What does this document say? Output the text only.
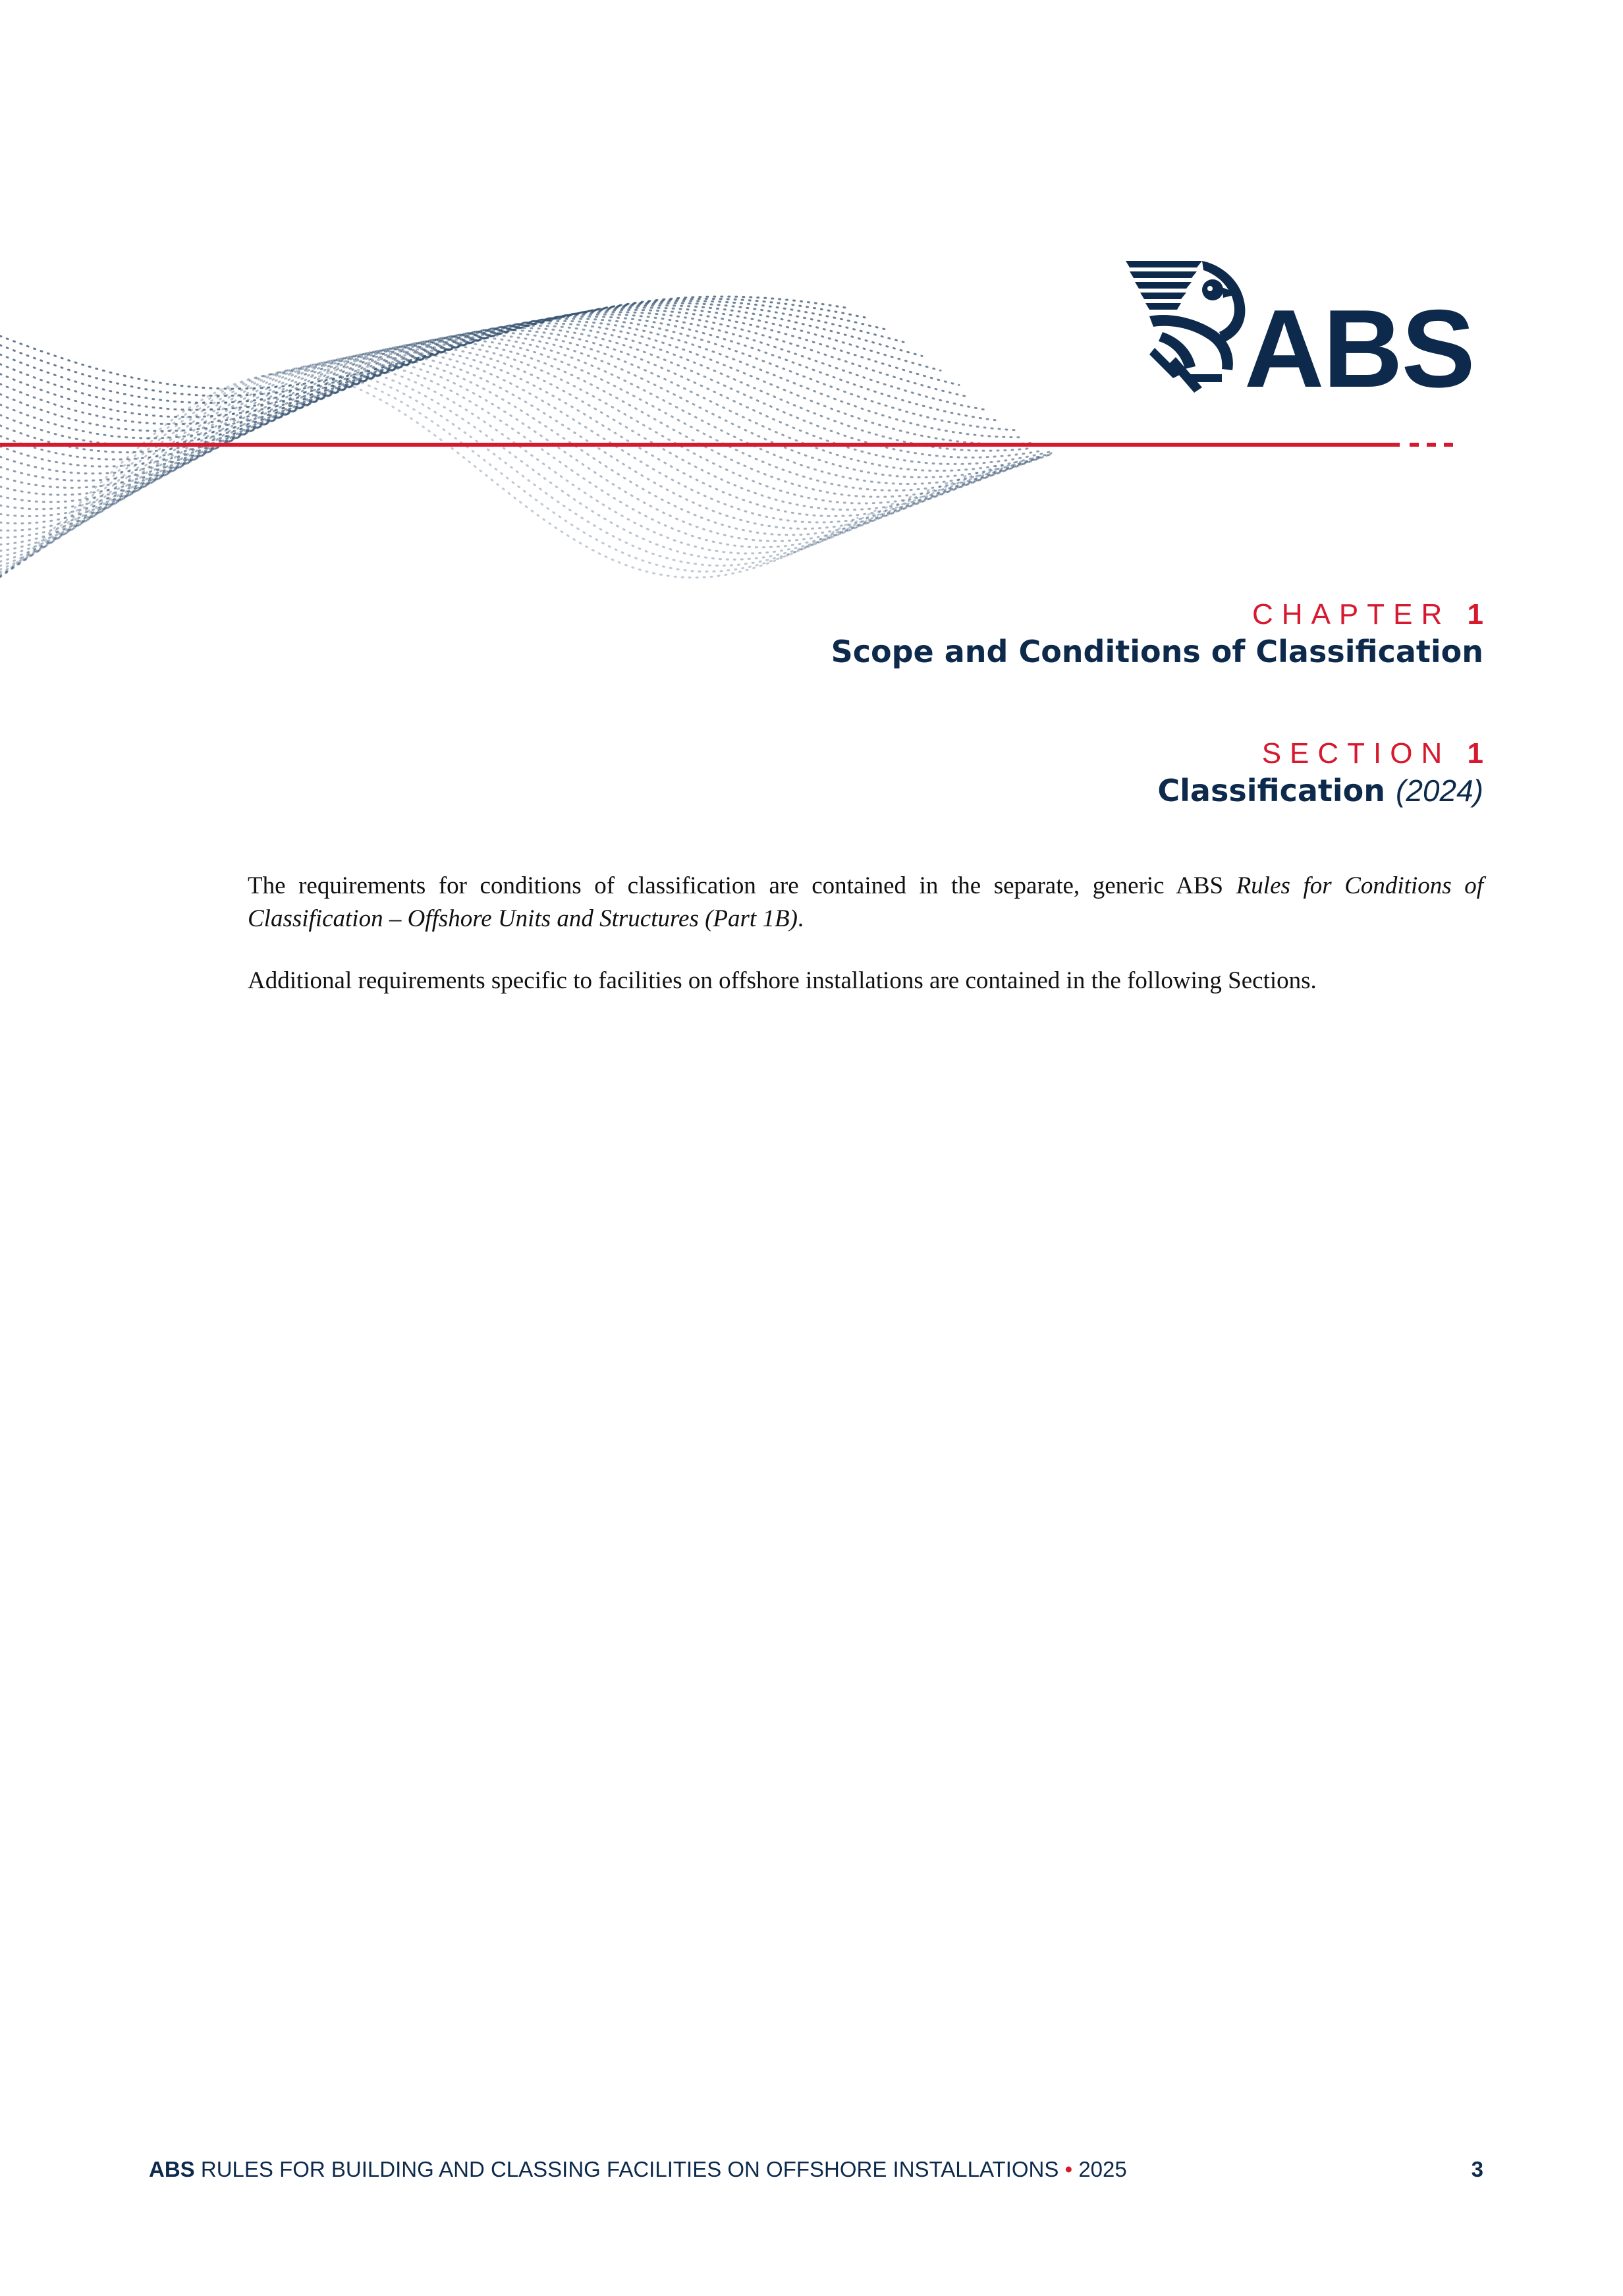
ABS
CHAPTER 1
Scope and Conditions of Classification
SECTION 1
Classification (2024)

The requirements for conditions of classification are contained in the separate, generic ABS Rules for Conditions of Classification – Offshore Units and Structures (Part 1B).

Additional requirements specific to facilities on offshore installations are contained in the following Sections.

ABS RULES FOR BUILDING AND CLASSING FACILITIES ON OFFSHORE INSTALLATIONS • 2025	3
